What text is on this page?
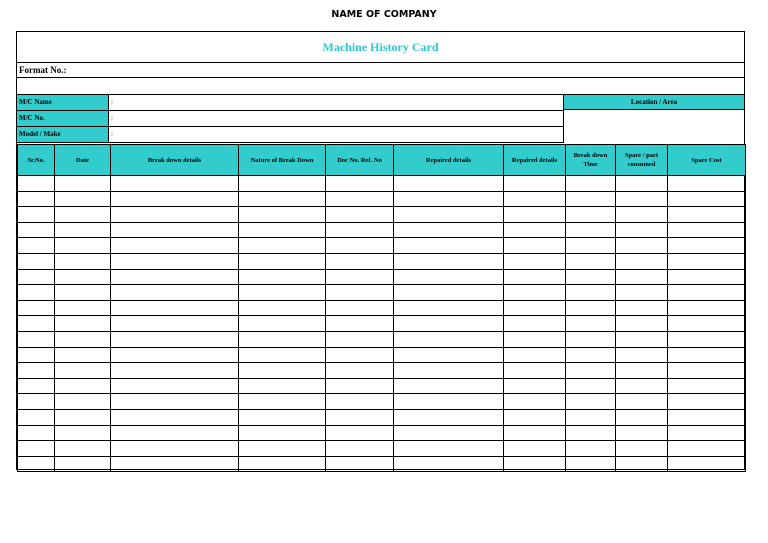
NAME OF COMPANY
Machine History Card
Format No.:
M/C Name	:
M/C No.	:
Model / Make	:
Location / Area
Sr.No.	Date	Break down details	Nature of Break Down	Doc No. Ref. No	Repaired details	Repaired details	Break down Time	Spare / part consumed	Spare Cost
